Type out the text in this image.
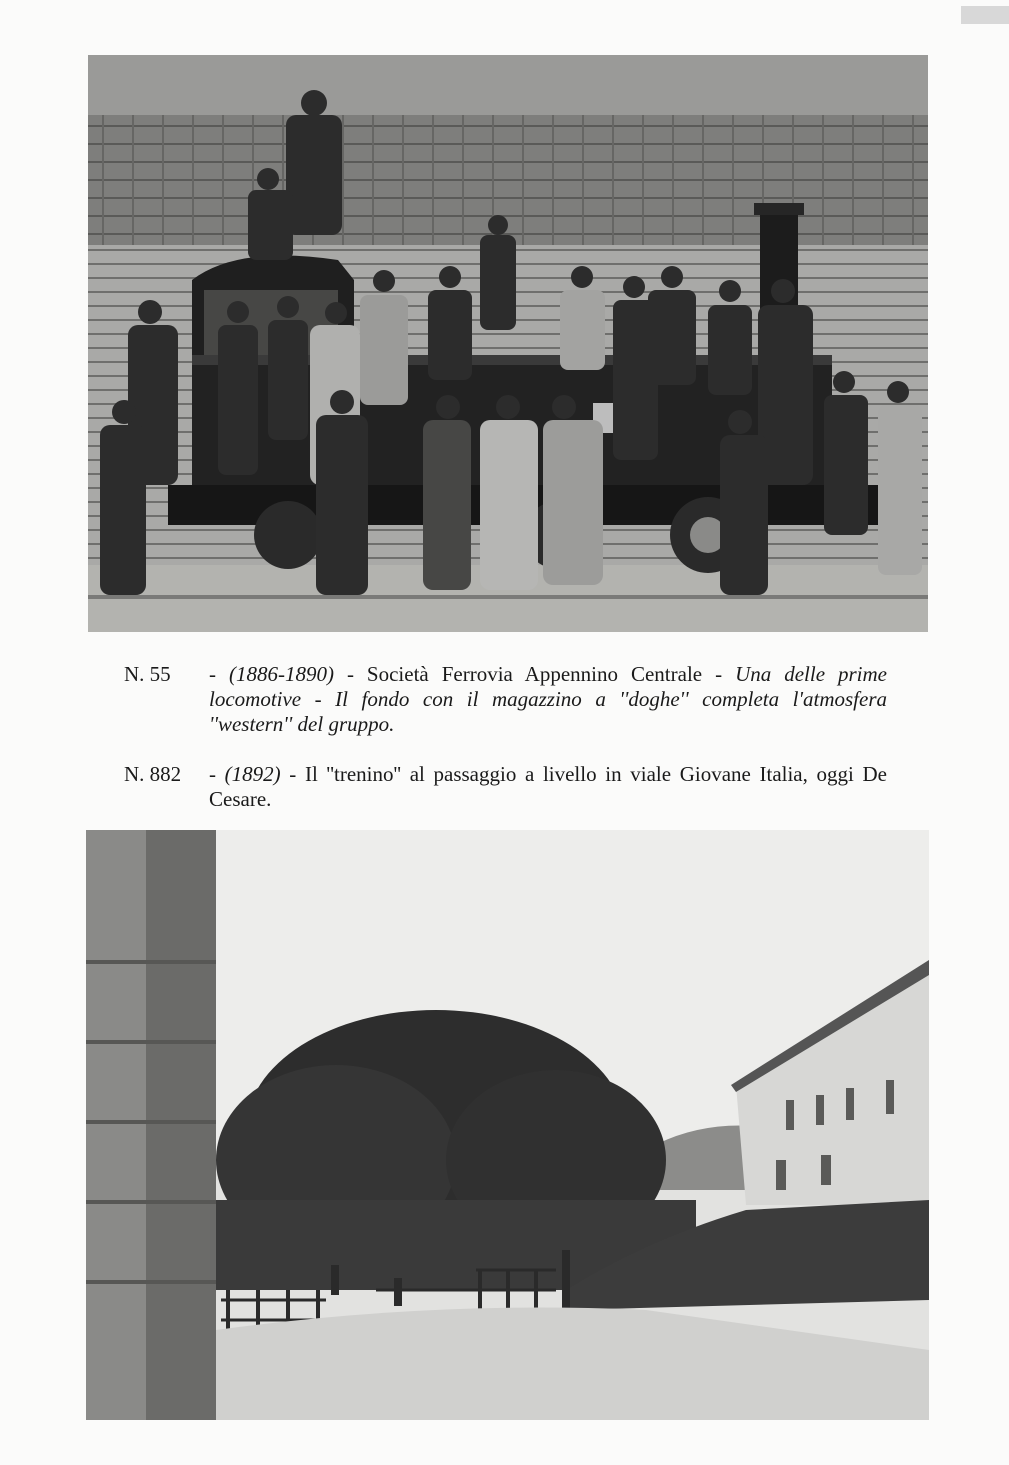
N. 55 - (1886-1890) - Società Ferrovia Appennino Centrale - Una delle prime locomotive - Il fondo con il magazzino a ''doghe'' completa l'atmosfera ''western'' del gruppo.
N. 882 - (1892) - Il ''trenino'' al passaggio a livello in viale Giovane Italia, oggi De Cesare.
